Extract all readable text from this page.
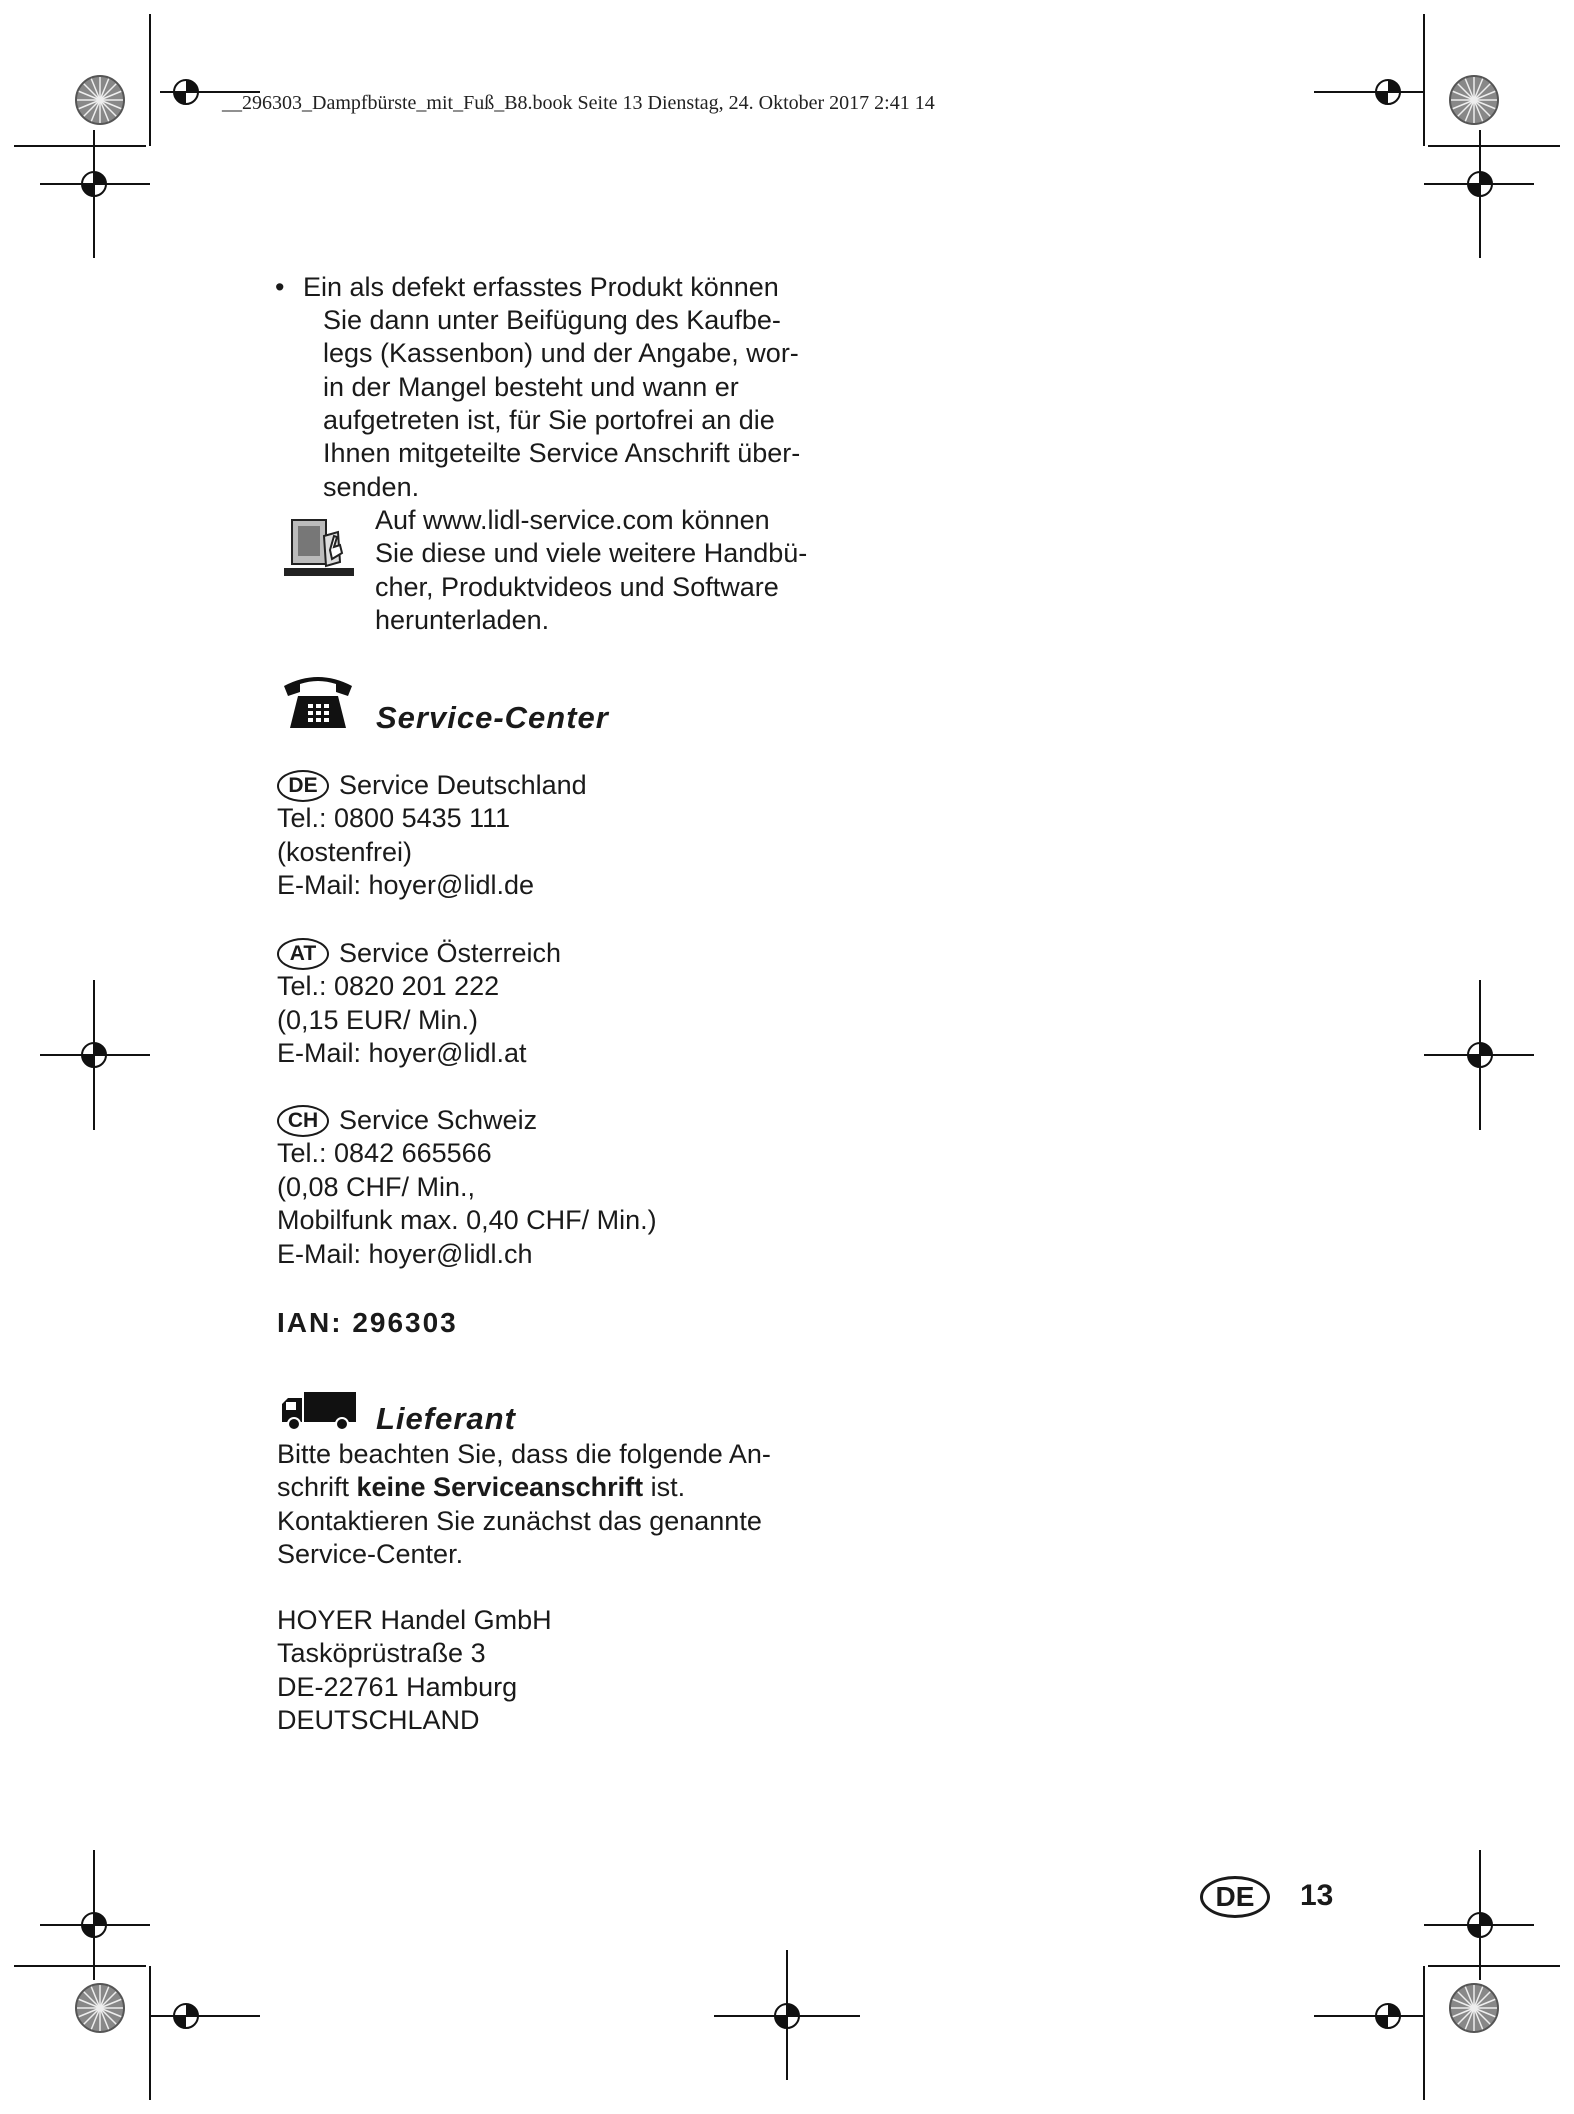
__296303_Dampfbürste_mit_Fuß_B8.book Seite 13 Dienstag, 24. Oktober 2017 2:41 14
• Ein als defekt erfasstes Produkt können
Sie dann unter Beifügung des Kaufbe-
legs (Kassenbon) und der Angabe, wor-
in der Mangel besteht und wann er
aufgetreten ist, für Sie portofrei an die
Ihnen mitgeteilte Service Anschrift über-
senden.
Auf www.lidl-service.com können
Sie diese und viele weitere Handbü-
cher, Produktvideos und Software
herunterladen.
Service-Center
DE Service Deutschland
Tel.: 0800 5435 111
(kostenfrei)
E-Mail: hoyer@lidl.de
AT Service Österreich
Tel.: 0820 201 222
(0,15 EUR/ Min.)
E-Mail: hoyer@lidl.at
CH Service Schweiz
Tel.: 0842 665566
(0,08 CHF/ Min.,
Mobilfunk max. 0,40 CHF/ Min.)
E-Mail: hoyer@lidl.ch
IAN: 296303
Lieferant
Bitte beachten Sie, dass die folgende An-
schrift keine Serviceanschrift ist.
Kontaktieren Sie zunächst das genannte
Service-Center.
HOYER Handel GmbH
Tasköprüstraße 3
DE-22761 Hamburg
DEUTSCHLAND
DE	13
